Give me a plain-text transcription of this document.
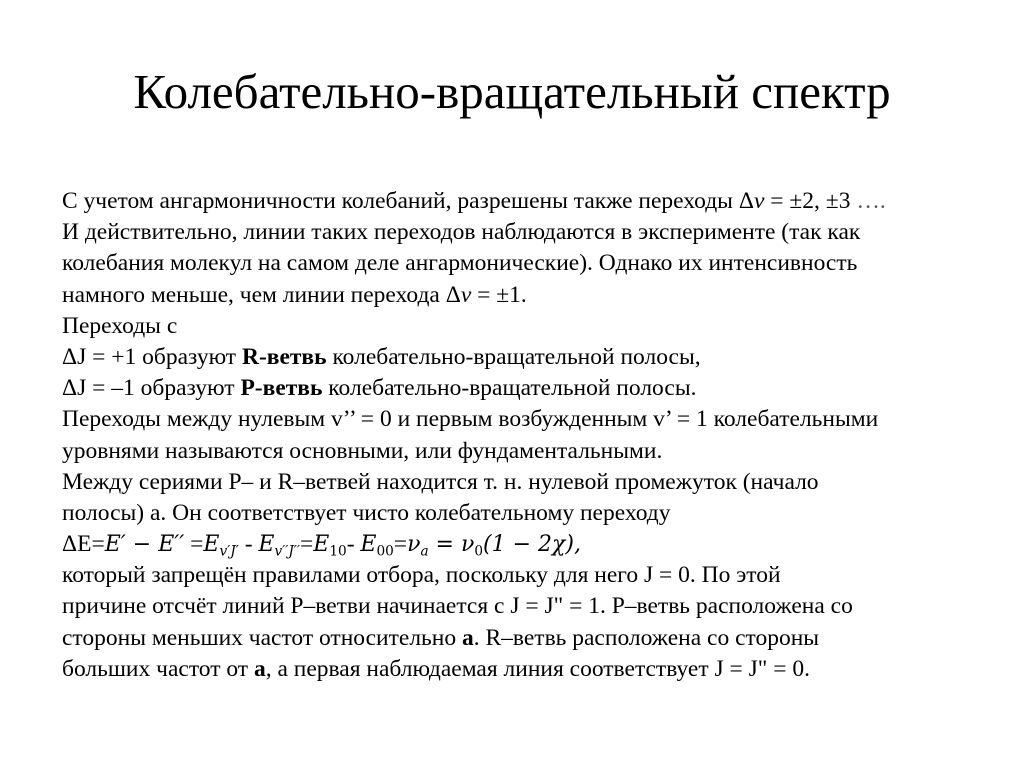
Колебательно-вращательный спектр
С учетом ангармоничности колебаний, разрешены также переходы Δv = ±2, ±3 ….
И действительно, линии таких переходов наблюдаются в эксперименте (так как
колебания молекул на самом деле ангармонические). Однако их интенсивность
намного меньше, чем линии перехода Δv = ±1.
Переходы с
ΔJ = +1 образуют R-ветвь колебательно-вращательной полосы,
ΔJ = –1 образуют P-ветвь колебательно-вращательной полосы.
Переходы между нулевым v’’ = 0 и первым возбужденным v’ = 1 колебательными
уровнями называются основными, или фундаментальными.
Между сериями P– и R–ветвей находится т. н. нулевой промежуток (начало
полосы) a. Он соответствует чисто колебательному переходу
$\Delta E=E' - E'' =E_{v'J'} - E_{v''J''}=E_{10}-$ $E_{00}=\nu_a = \nu_0(1 - 2\chi)$,
который запрещён правилами отбора, поскольку для него J = 0. По этой
причине отсчёт линий P–ветви начинается с J = J" = 1. P–ветвь расположена со
стороны меньших частот относительно a. R–ветвь расположена со стороны
больших частот от a, а первая наблюдаемая линия соответствует J = J" = 0.
